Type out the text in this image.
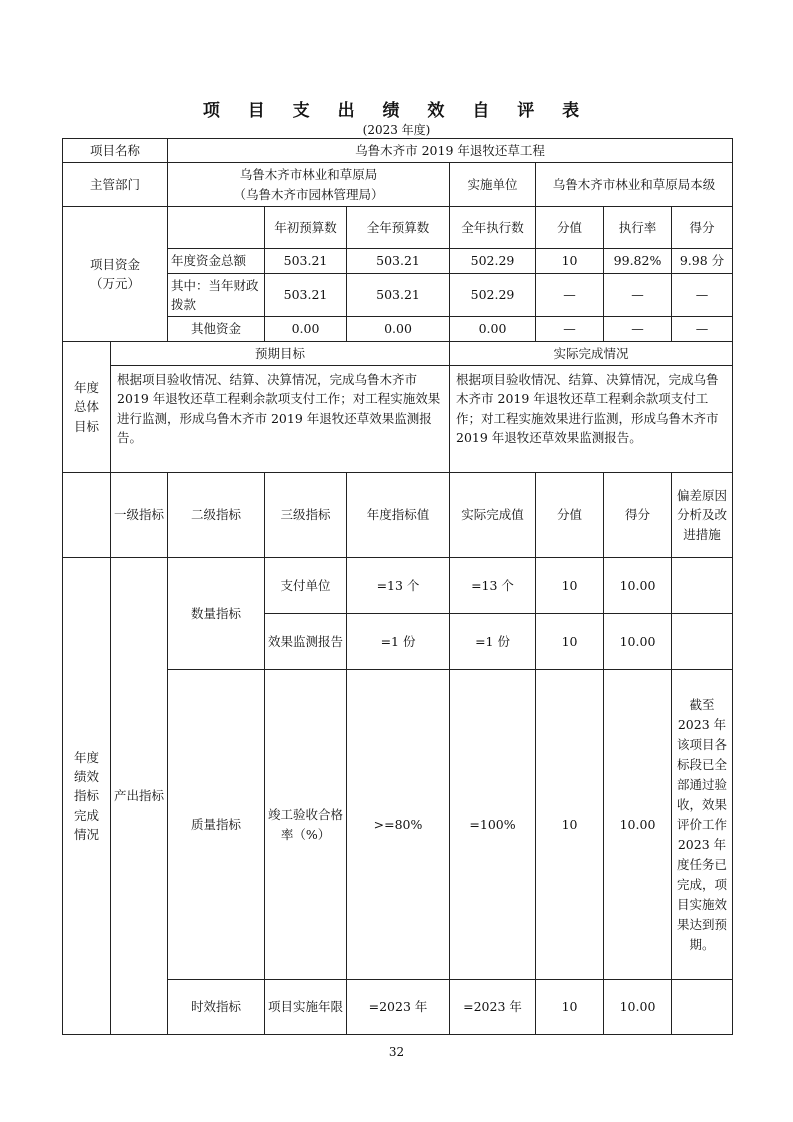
项 目 支 出 绩 效 自 评 表
(2023 年度)
项目名称		乌鲁木齐市 2019 年退牧还草工程						
主管部门		乌鲁木齐市林业和草原局
（乌鲁木齐市园林管理局）			实施单位	乌鲁木齐市林业和草原局本级		
项目资金
（万元）			年初预算数	全年预算数	全年执行数	分值	执行率	得分
		年度资金总额	503.21	503.21	502.29	10	99.82%	9.98 分
		其中：当年财政拨款	503.21	503.21	502.29	—	—	—
		其他资金	0.00	0.00	0.00	—	—	—
年度
总体
目标	预期目标				实际完成情况			
	根据项目验收情况、结算、决算情况，完成乌鲁木齐市 2019 年退牧还草工程剩余款项支付工作；对工程实施效果进行监测，形成乌鲁木齐市 2019 年退牧还草效果监测报告。				根据项目验收情况、结算、决算情况，完成乌鲁木齐市 2019 年退牧还草工程剩余款项支付工作；对工程实施效果进行监测，形成乌鲁木齐市 2019 年退牧还草效果监测报告。			
	一级指标	二级指标	三级指标	年度指标值	实际完成值	分值	得分	偏差原因分析及改进措施
年度
绩效
指标
完成
情况	产出指标	数量指标	支付单位	=13 个	=13 个	10	10.00	
			效果监测报告	=1 份	=1 份	10	10.00	
		质量指标	竣工验收合格率（%）	>=80%	=100%	10	10.00	截至 2023 年该项目各标段已全部通过验收，效果评价工作 2023 年度任务已完成，项目实施效果达到预期。
		时效指标	项目实施年限	=2023 年	=2023 年	10	10.00	
32
